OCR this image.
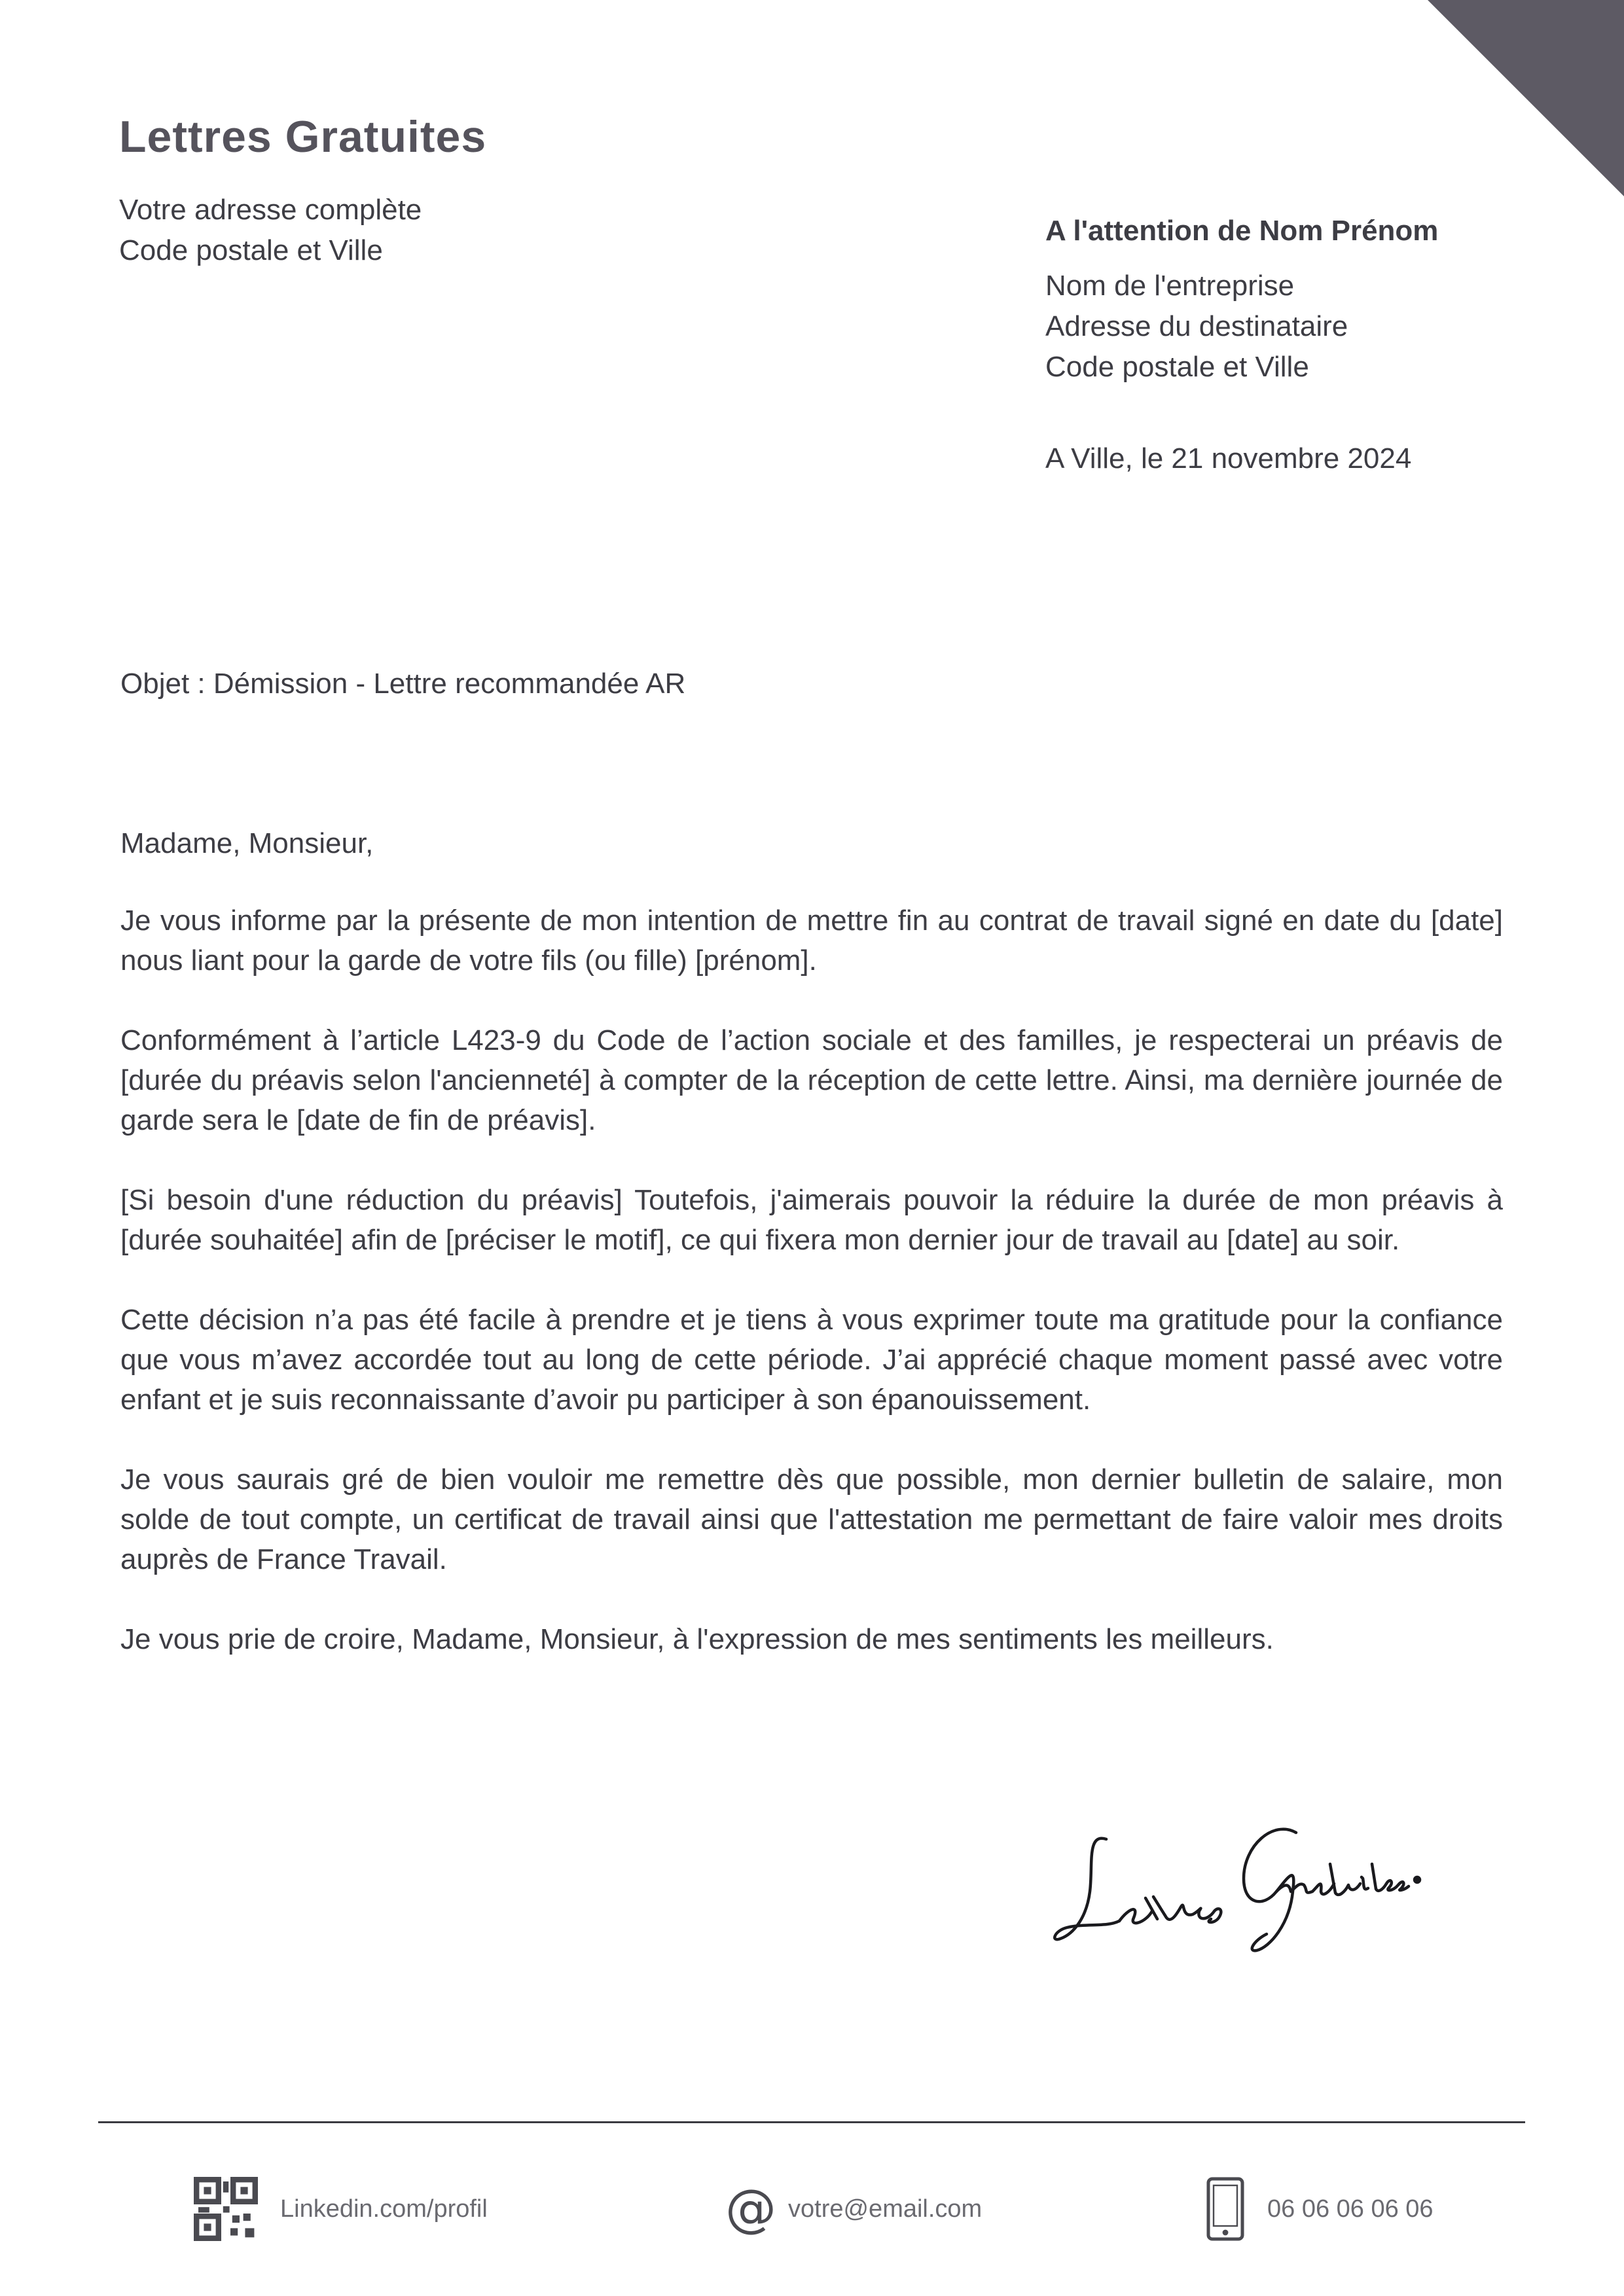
Lettres Gratuites
Votre adresse complète
Code postale et Ville
A l'attention de Nom Prénom
Nom de l'entreprise
Adresse du destinataire
Code postale et Ville
A Ville, le 21 novembre 2024
Objet : Démission - Lettre recommandée AR

Madame, Monsieur,

Je vous informe par la présente de mon intention de mettre fin au contrat de travail signé en date du [date] nous liant pour la garde de votre fils (ou fille) [prénom].

Conformément à l’article L423-9 du Code de l’action sociale et des familles, je respecterai un préavis de [durée du préavis selon l'ancienneté] à compter de la réception de cette lettre. Ainsi, ma dernière journée de garde sera le [date de fin de préavis].

[Si besoin d'une réduction du préavis] Toutefois, j'aimerais pouvoir la réduire la durée de mon préavis à [durée souhaitée] afin de [préciser le motif], ce qui fixera mon dernier jour de travail au [date] au soir.

Cette décision n’a pas été facile à prendre et je tiens à vous exprimer toute ma gratitude pour la confiance que vous m’avez accordée tout au long de cette période. J’ai apprécié chaque moment passé avec votre enfant et je suis reconnaissante d’avoir pu participer à son épanouissement.

Je vous saurais gré de bien vouloir me remettre dès que possible, mon dernier bulletin de salaire, mon solde de tout compte, un certificat de travail ainsi que l'attestation me permettant de faire valoir mes droits auprès de France Travail.

Je vous prie de croire, Madame, Monsieur, à l'expression de mes sentiments les meilleurs.

Linkedin.com/profil	@ votre@email.com	06 06 06 06 06
